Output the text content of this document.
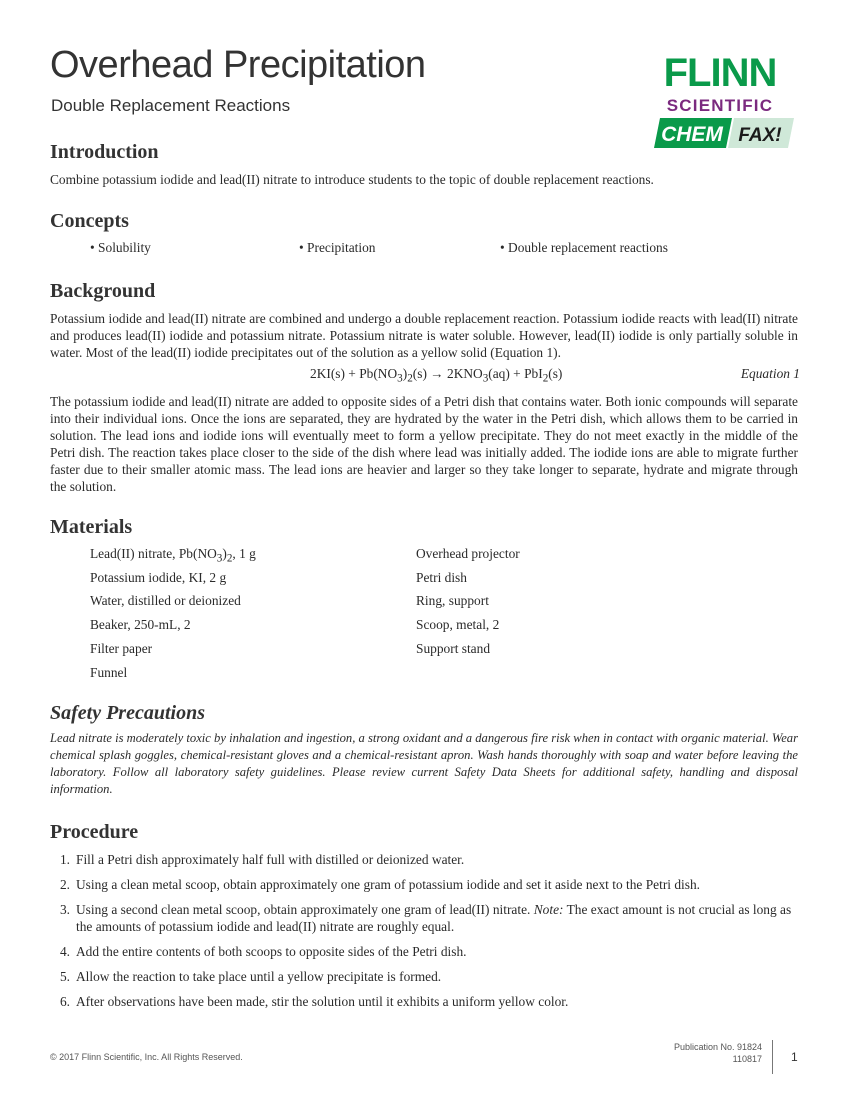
Overhead Precipitation
Double Replacement Reactions
FLINN
SCIENTIFIC
CHEM FAX!
Introduction

Combine potassium iodide and lead(II) nitrate to introduce students to the topic of double replacement reactions.

Concepts
• Solubility	• Precipitation	• Double replacement reactions
Background

Potassium iodide and lead(II) nitrate are combined and undergo a double replacement reaction. Potassium iodide reacts with lead(II) nitrate and produces lead(II) iodide and potassium nitrate. Potassium nitrate is water soluble. However, lead(II) iodide is only partially soluble in water. Most of the lead(II) iodide precipitates out of the solution as a yellow solid (Equation 1).

$2KI(s) + Pb(NO_3)_2(s) \to 2KNO_3(aq) + PbI_2(s)$	Equation 1

The potassium iodide and lead(II) nitrate are added to opposite sides of a Petri dish that contains water. Both ionic compounds will separate into their individual ions. Once the ions are separated, they are hydrated by the water in the Petri dish, which allows them to be carried in solution. The lead ions and iodide ions will eventually meet to form a yellow precipitate. They do not meet exactly in the middle of the Petri dish. The reaction takes place closer to the side of the dish where lead was initially added. The iodide ions are able to migrate further faster due to their smaller atomic mass. The lead ions are heavier and larger so they take longer to separate, hydrate and migrate through the solution.

Materials
Lead(II) nitrate, $Pb(NO_3)_2$, 1 g
Potassium iodide, KI, 2 g
Water, distilled or deionized
Beaker, 250-mL, 2
Filter paper
Funnel
Overhead projector
Petri dish
Ring, support
Scoop, metal, 2
Support stand
Safety Precautions

Lead nitrate is moderately toxic by inhalation and ingestion, a strong oxidant and a dangerous fire risk when in contact with organic material. Wear chemical splash goggles, chemical-resistant gloves and a chemical-resistant apron. Wash hands thoroughly with soap and water before leaving the laboratory. Follow all laboratory safety guidelines. Please review current Safety Data Sheets for additional safety, handling and disposal information.

Procedure
1. Fill a Petri dish approximately half full with distilled or deionized water.
2. Using a clean metal scoop, obtain approximately one gram of potassium iodide and set it aside next to the Petri dish.
3. Using a second clean metal scoop, obtain approximately one gram of lead(II) nitrate. Note: The exact amount is not crucial as long as the amounts of potassium iodide and lead(II) nitrate are roughly equal.
4. Add the entire contents of both scoops to opposite sides of the Petri dish.
5. Allow the reaction to take place until a yellow precipitate is formed.
6. After observations have been made, stir the solution until it exhibits a uniform yellow color.
© 2017 Flinn Scientific, Inc. All Rights Reserved.
Publication No. 91824
110817 1
